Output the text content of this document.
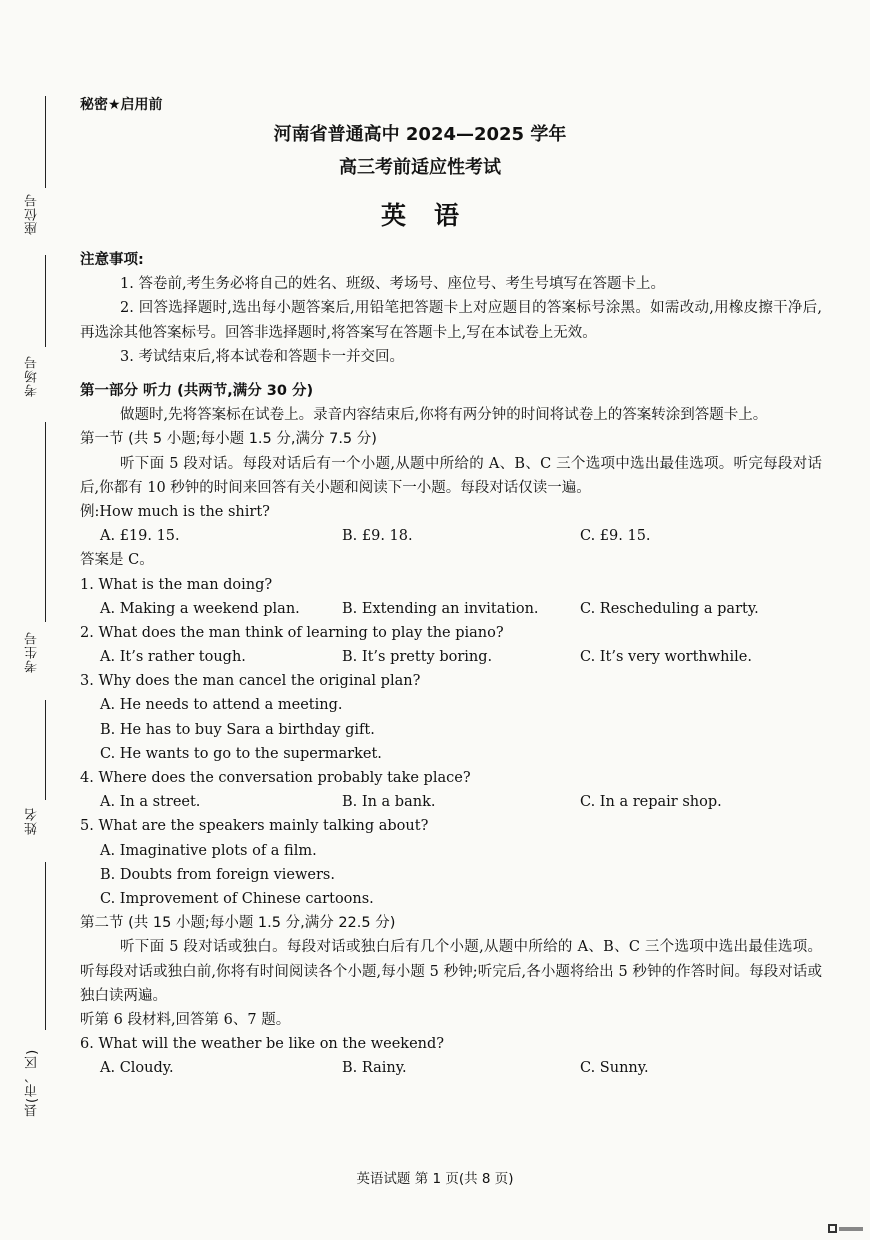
座位号
考场号
考生号
姓名
县(市、区)
秘密★启用前
河南省普通高中 2024—2025 学年
高三考前适应性考试
英语
注意事项:
1. 答卷前,考生务必将自己的姓名、班级、考场号、座位号、考生号填写在答题卡上。
2. 回答选择题时,选出每小题答案后,用铅笔把答题卡上对应题目的答案标号涂黑。如需改动,用橡皮擦干净后,再选涂其他答案标号。回答非选择题时,将答案写在答题卡上,写在本试卷上无效。
3. 考试结束后,将本试卷和答题卡一并交回。
第一部分 听力 (共两节,满分 30 分)
做题时,先将答案标在试卷上。录音内容结束后,你将有两分钟的时间将试卷上的答案转涂到答题卡上。
第一节 (共 5 小题;每小题 1.5 分,满分 7.5 分)
听下面 5 段对话。每段对话后有一个小题,从题中所给的 A、B、C 三个选项中选出最佳选项。听完每段对话后,你都有 10 秒钟的时间来回答有关小题和阅读下一小题。每段对话仅读一遍。
例:How much is the shirt?
A. £19. 15.	B. £9. 18.	C. £9. 15.
答案是 C。
1. What is the man doing?
A. Making a weekend plan.	B. Extending an invitation.	C. Rescheduling a party.
2. What does the man think of learning to play the piano?
A. It’s rather tough.	B. It’s pretty boring.	C. It’s very worthwhile.
3. Why does the man cancel the original plan?
A. He needs to attend a meeting.
B. He has to buy Sara a birthday gift.
C. He wants to go to the supermarket.
4. Where does the conversation probably take place?
A. In a street.	B. In a bank.	C. In a repair shop.
5. What are the speakers mainly talking about?
A. Imaginative plots of a film.
B. Doubts from foreign viewers.
C. Improvement of Chinese cartoons.
第二节 (共 15 小题;每小题 1.5 分,满分 22.5 分)
听下面 5 段对话或独白。每段对话或独白后有几个小题,从题中所给的 A、B、C 三个选项中选出最佳选项。听每段对话或独白前,你将有时间阅读各个小题,每小题 5 秒钟;听完后,各小题将给出 5 秒钟的作答时间。每段对话或独白读两遍。
听第 6 段材料,回答第 6、7 题。
6. What will the weather be like on the weekend?
A. Cloudy.	B. Rainy.	C. Sunny.
英语试题 第 1 页(共 8 页)
